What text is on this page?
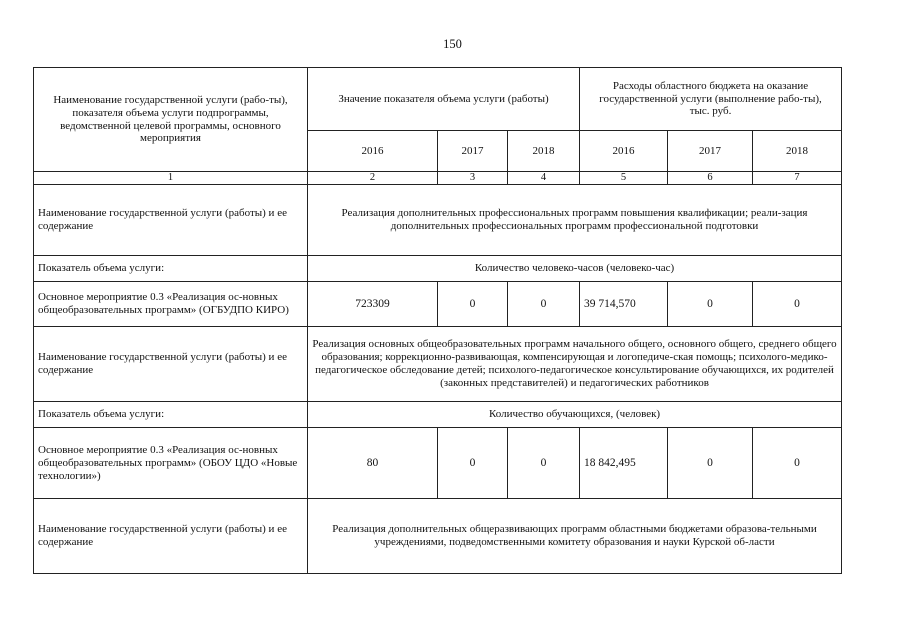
150
Наименование государственной услуги (рабо-ты), показателя объема услуги подпрограммы, ведомственной целевой программы, основного мероприятия	Значение показателя объема услуги (работы)			Расходы областного бюджета на оказание государственной услуги (выполнение рабо-ты),
тыс. руб.		
	2016	2017	2018	2016	2017	2018
1	2	3	4	5	6	7
Наименование государственной услуги (работы) и ее содержание	Реализация дополнительных профессиональных программ повышения квалификации; реали-зация дополнительных профессиональных программ профессиональной подготовки					
Показатель объема услуги:	Количество человеко-часов (человеко-час)					
Основное мероприятие 0.3 «Реализация ос-новных общеобразовательных программ» (ОГБУДПО КИРО)	723309	0	0	39 714,570	0	0
Наименование государственной услуги (работы) и ее содержание	Реализация основных общеобразовательных программ начального общего, основного общего, среднего общего образования; коррекционно-развивающая, компенсирующая и логопедиче-ская помощь; психолого-медико-педагогическое обследование детей; психолого-педагогическое консультирование обучающихся, их родителей (законных представителей) и педагогических работников					
Показатель объема услуги:	Количество обучающихся, (человек)					
Основное мероприятие 0.3 «Реализация ос-новных общеобразовательных программ» (ОБОУ ЦДО «Новые технологии»)	80	0	0	18 842,495	0	0
Наименование государственной услуги (работы) и ее содержание	Реализация дополнительных общеразвивающих программ областными бюджетами образова-тельными учреждениями, подведомственными комитету образования и науки Курской об-ласти					
